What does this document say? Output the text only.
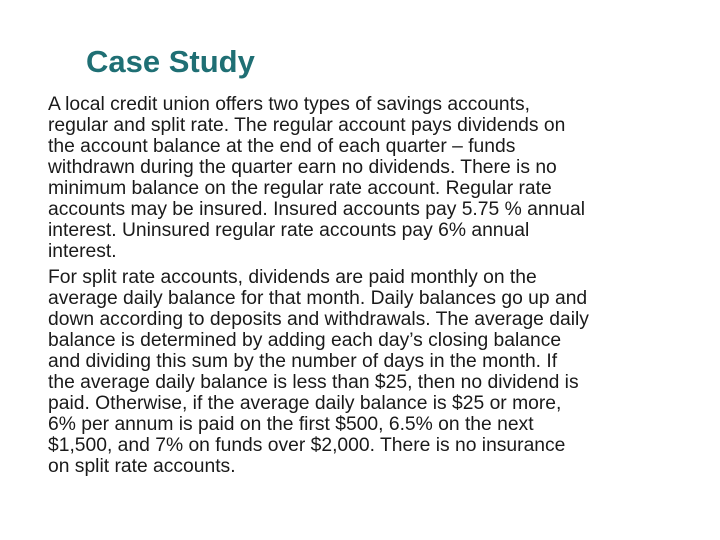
Case Study

A local credit union offers two types of savings accounts,
regular and split rate. The regular account pays dividends on
the account balance at the end of each quarter – funds
withdrawn during the quarter earn no dividends. There is no
minimum balance on the regular rate account. Regular rate
accounts may be insured. Insured accounts pay 5.75 % annual
interest. Uninsured regular rate accounts pay 6% annual
interest.

For split rate accounts, dividends are paid monthly on the
average daily balance for that month. Daily balances go up and
down according to deposits and withdrawals. The average daily
balance is determined by adding each day’s closing balance
and dividing this sum by the number of days in the month. If
the average daily balance is less than $25, then no dividend is
paid. Otherwise, if the average daily balance is $25 or more,
6% per annum is paid on the first $500, 6.5% on the next
$1,500, and 7% on funds over $2,000. There is no insurance
on split rate accounts.
